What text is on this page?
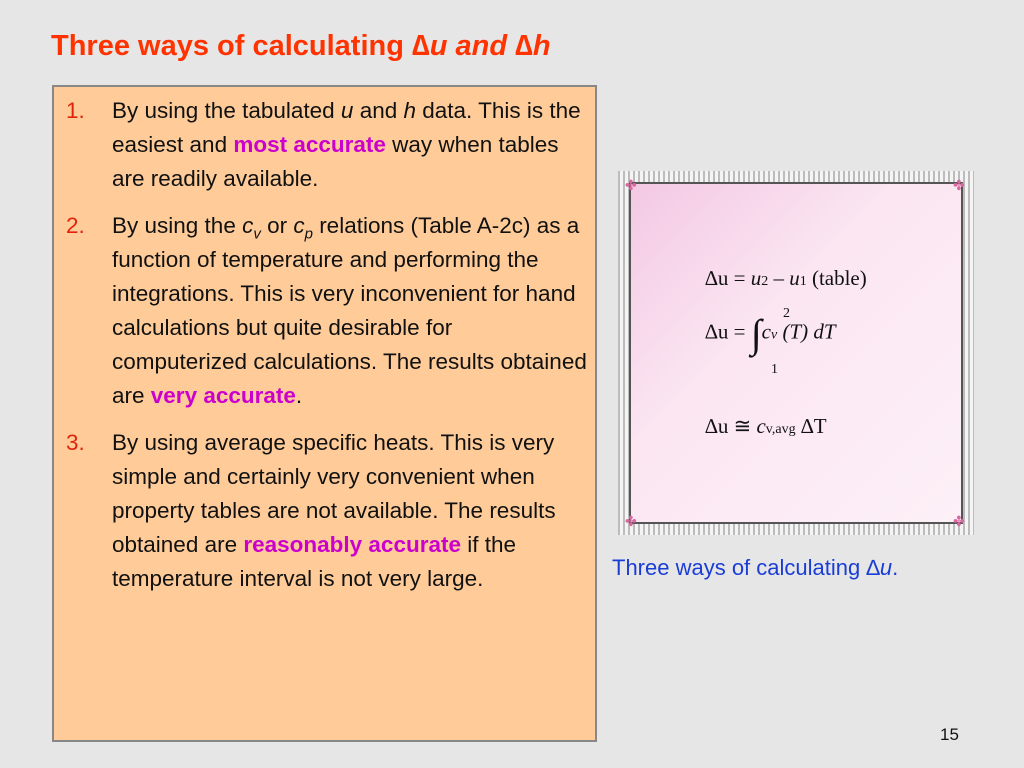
Three ways of calculating ∆u and ∆h
1. By using the tabulated u and h data. This is the easiest and most accurate way when tables are readily available.
2. By using the $c_v$ or $c_p$ relations (Table A-2c) as a function of temperature and performing the integrations. This is very inconvenient for hand calculations but quite desirable for computerized calculations. The results obtained are very accurate.
3. By using average specific heats. This is very simple and certainly very convenient when property tables are not available. The results obtained are reasonably accurate if the temperature interval is not very large.
✤	✤
✤	✤
∆u = u2 – u1 (table)
∆u = ∫ 2
1
cv (T) dT
∆u ≅ cv,avg ∆T
Three ways of calculating ∆u.
15
